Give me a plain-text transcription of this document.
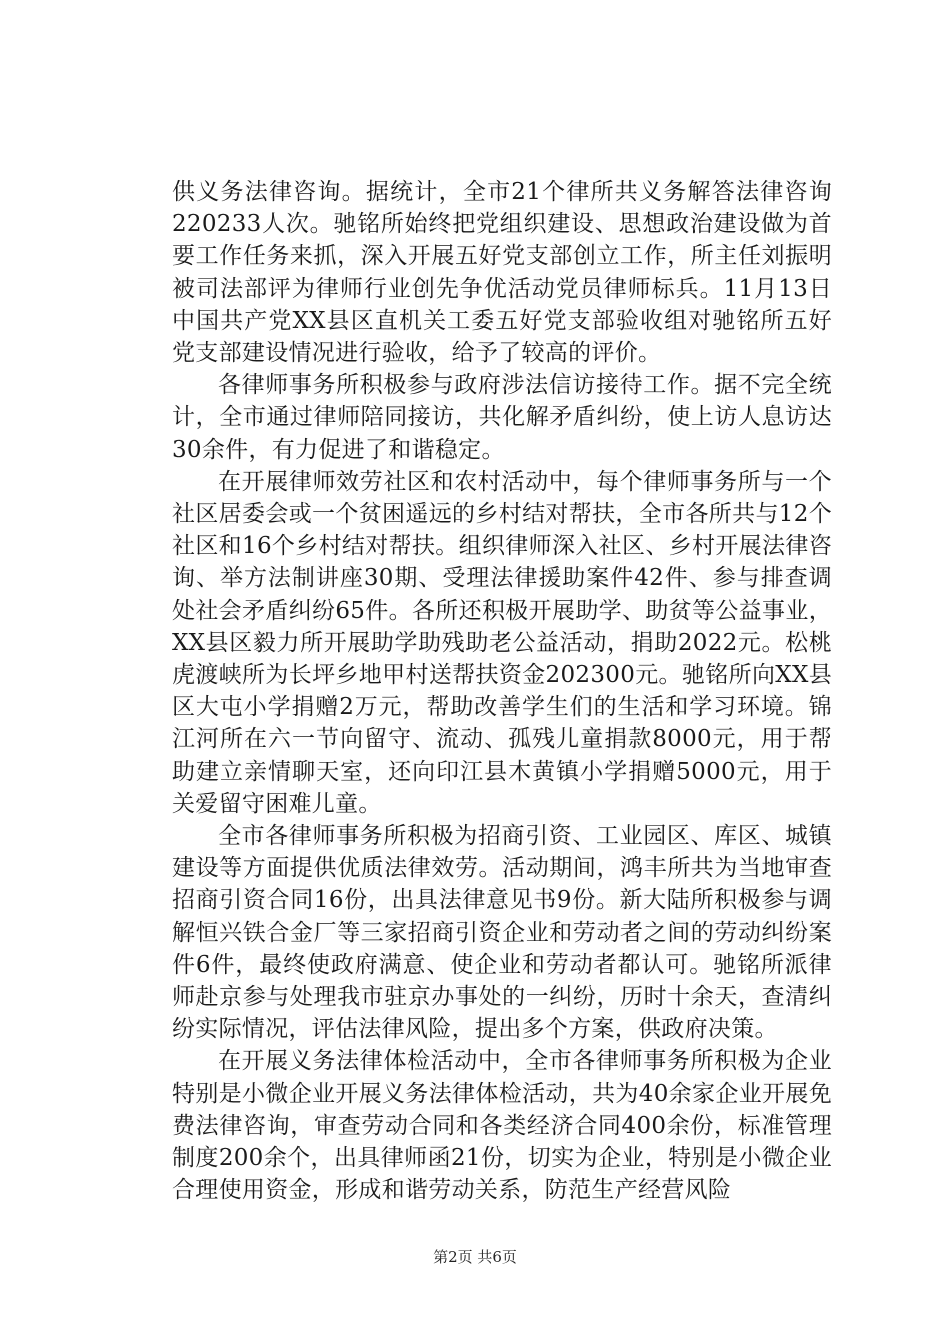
供义务法律咨询。据统计，全市21个律所共义务解答法律咨询220233人次。驰铭所始终把党组织建设、思想政治建设做为首要工作任务来抓，深入开展五好党支部创立工作，所主任刘振明被司法部评为律师行业创先争优活动党员律师标兵。11月13日中国共产党XX县区直机关工委五好党支部验收组对驰铭所五好党支部建设情况进行验收，给予了较高的评价。

各律师事务所积极参与政府涉法信访接待工作。据不完全统计，全市通过律师陪同接访，共化解矛盾纠纷，使上访人息访达30余件，有力促进了和谐稳定。

在开展律师效劳社区和农村活动中，每个律师事务所与一个社区居委会或一个贫困遥远的乡村结对帮扶，全市各所共与12个社区和16个乡村结对帮扶。组织律师深入社区、乡村开展法律咨询、举方法制讲座30期、受理法律援助案件42件、参与排查调处社会矛盾纠纷65件。各所还积极开展助学、助贫等公益事业，XX县区毅力所开展助学助残助老公益活动，捐助2022元。松桃虎渡峡所为长坪乡地甲村送帮扶资金202300元。驰铭所向XX县区大屯小学捐赠2万元，帮助改善学生们的生活和学习环境。锦江河所在六一节向留守、流动、孤残儿童捐款8000元，用于帮助建立亲情聊天室，还向印江县木黄镇小学捐赠5000元，用于关爱留守困难儿童。

全市各律师事务所积极为招商引资、工业园区、库区、城镇建设等方面提供优质法律效劳。活动期间，鸿丰所共为当地审查招商引资合同16份，出具法律意见书9份。新大陆所积极参与调解恒兴铁合金厂等三家招商引资企业和劳动者之间的劳动纠纷案件6件，最终使政府满意、使企业和劳动者都认可。驰铭所派律师赴京参与处理我市驻京办事处的一纠纷，历时十余天，查清纠纷实际情况，评估法律风险，提出多个方案，供政府决策。

在开展义务法律体检活动中，全市各律师事务所积极为企业特别是小微企业开展义务法律体检活动，共为40余家企业开展免费法律咨询，审查劳动合同和各类经济合同400余份，标准管理制度200余个，出具律师函21份，切实为企业，特别是小微企业合理使用资金，形成和谐劳动关系，防范生产经营风险

第2页 共6页
